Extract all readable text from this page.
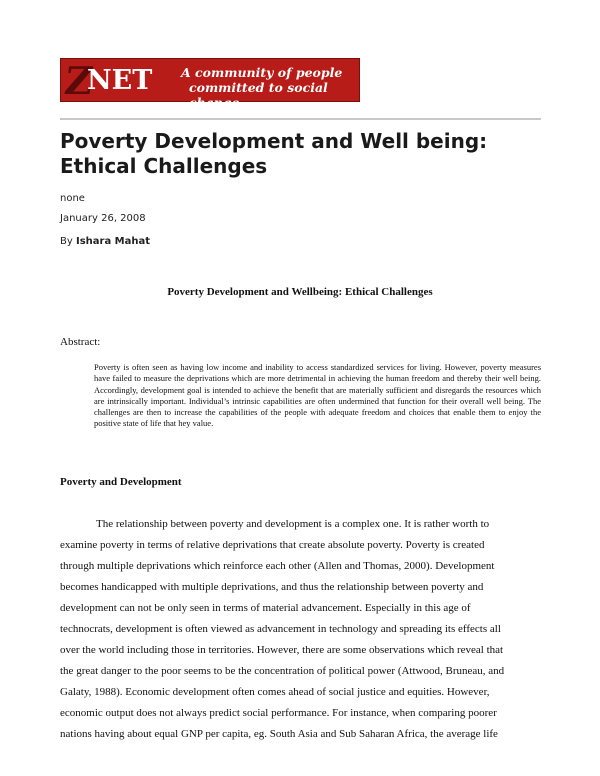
Z
NET A community of people
committed to social change
Poverty Development and Well being: Ethical Challenges
none
January 26, 2008
By Ishara Mahat
Poverty Development and Wellbeing: Ethical Challenges
Abstract:

Poverty is often seen as having low income and inability to access standardized services for living. However, poverty measures have failed to measure the deprivations which are more detrimental in achieving the human freedom and thereby their well being. Accordingly, development goal is intended to achieve the benefit that are materially sufficient and disregards the resources which are intrinsically important. Individual’s intrinsic capabilities are often undermined that function for their overall well being. The challenges are then to increase the capabilities of the people with adequate freedom and choices that enable them to enjoy the positive state of life that hey value.

Poverty and Development
The relationship between poverty and development is a complex one. It is rather worth to
examine poverty in terms of relative deprivations that create absolute poverty. Poverty is created
through multiple deprivations which reinforce each other (Allen and Thomas, 2000). Development
becomes handicapped with multiple deprivations, and thus the relationship between poverty and
development can not be only seen in terms of material advancement. Especially in this age of
technocrats, development is often viewed as advancement in technology and spreading its effects all
over the world including those in territories. However, there are some observations which reveal that
the great danger to the poor seems to be the concentration of political power (Attwood, Bruneau, and
Galaty, 1988). Economic development often comes ahead of social justice and equities. However,
economic output does not always predict social performance. For instance, when comparing poorer
nations having about equal GNP per capita, eg. South Asia and Sub Saharan Africa, the average life
